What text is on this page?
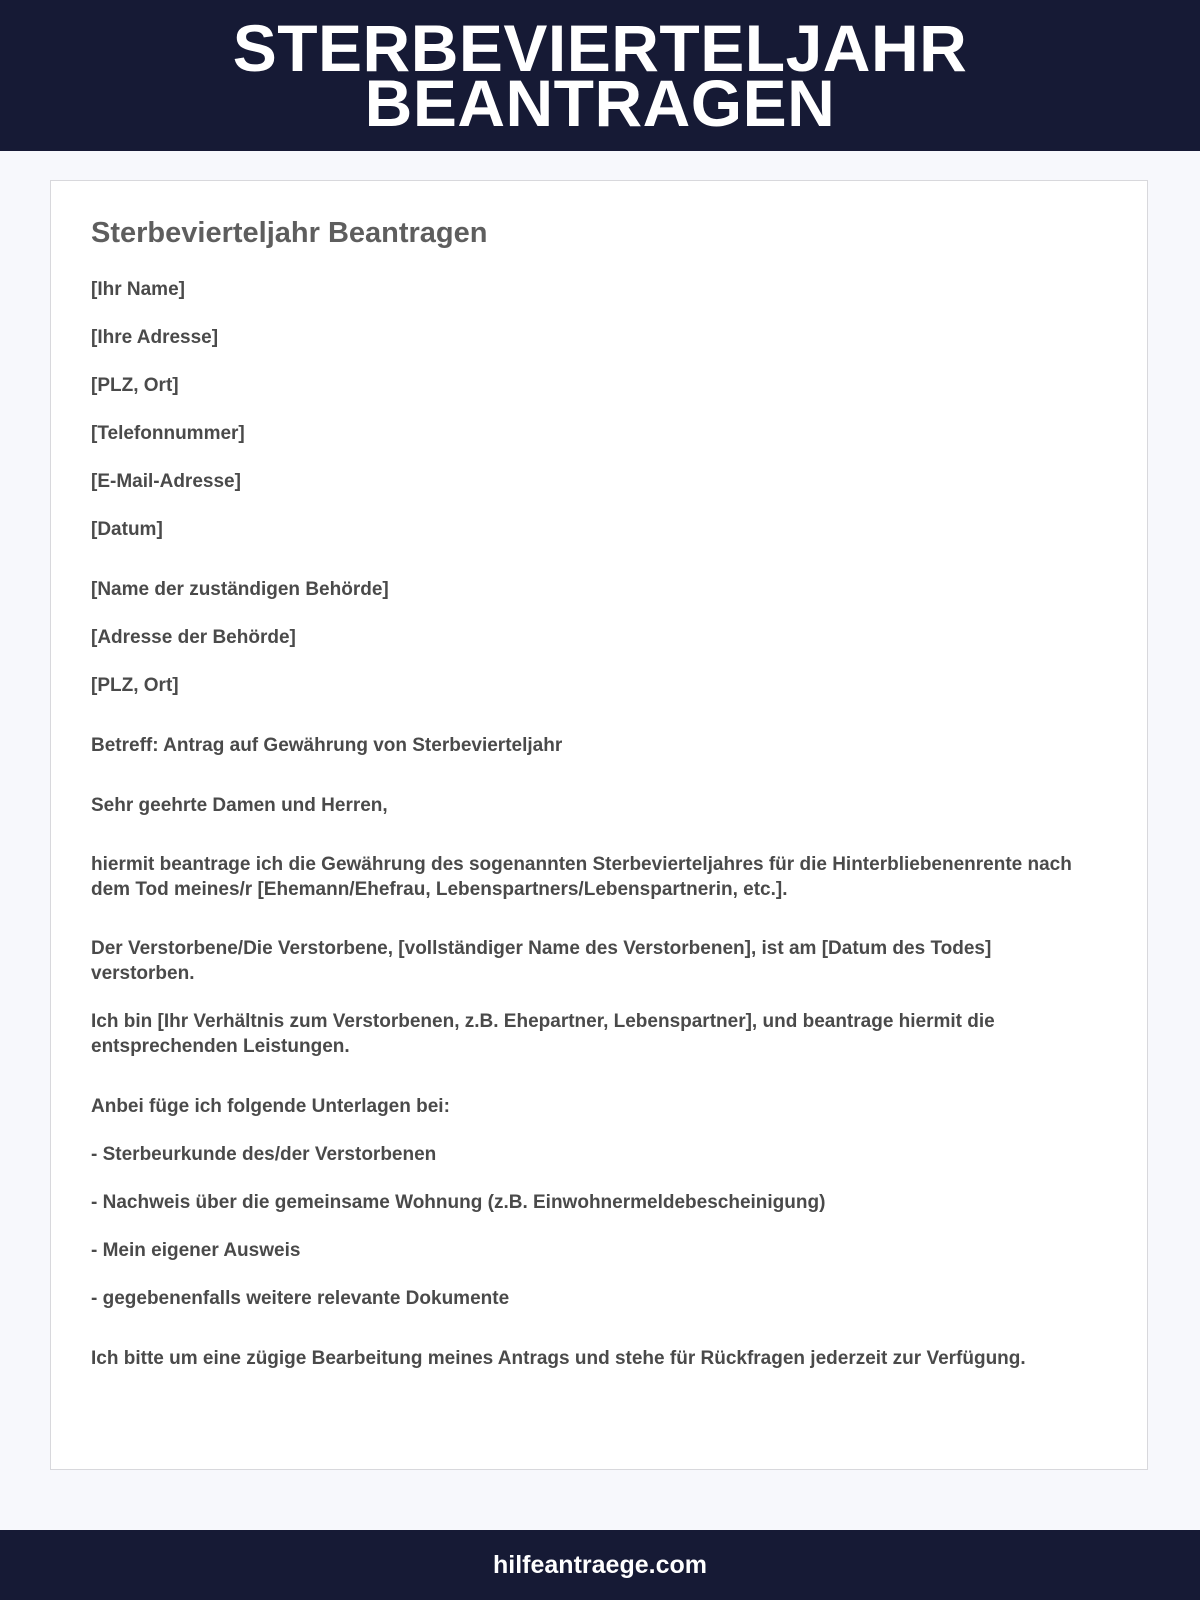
STERBEVIERTELJAHR
BEANTRAGEN
Sterbevierteljahr Beantragen

[Ihr Name]

[Ihre Adresse]

[PLZ, Ort]

[Telefonnummer]

[E-Mail-Adresse]

[Datum]

[Name der zuständigen Behörde]

[Adresse der Behörde]

[PLZ, Ort]

Betreff: Antrag auf Gewährung von Sterbevierteljahr

Sehr geehrte Damen und Herren,

hiermit beantrage ich die Gewährung des sogenannten Sterbevierteljahres für die Hinterbliebenenrente nach dem Tod meines/r [Ehemann/Ehefrau, Lebenspartners/Lebenspartnerin, etc.].

Der Verstorbene/Die Verstorbene, [vollständiger Name des Verstorbenen], ist am [Datum des Todes] verstorben.

Ich bin [Ihr Verhältnis zum Verstorbenen, z.B. Ehepartner, Lebenspartner], und beantrage hiermit die entsprechenden Leistungen.

Anbei füge ich folgende Unterlagen bei:

- Sterbeurkunde des/der Verstorbenen

- Nachweis über die gemeinsame Wohnung (z.B. Einwohnermeldebescheinigung)

- Mein eigener Ausweis

- gegebenenfalls weitere relevante Dokumente

Ich bitte um eine zügige Bearbeitung meines Antrags und stehe für Rückfragen jederzeit zur Verfügung.

hilfeantraege.com
